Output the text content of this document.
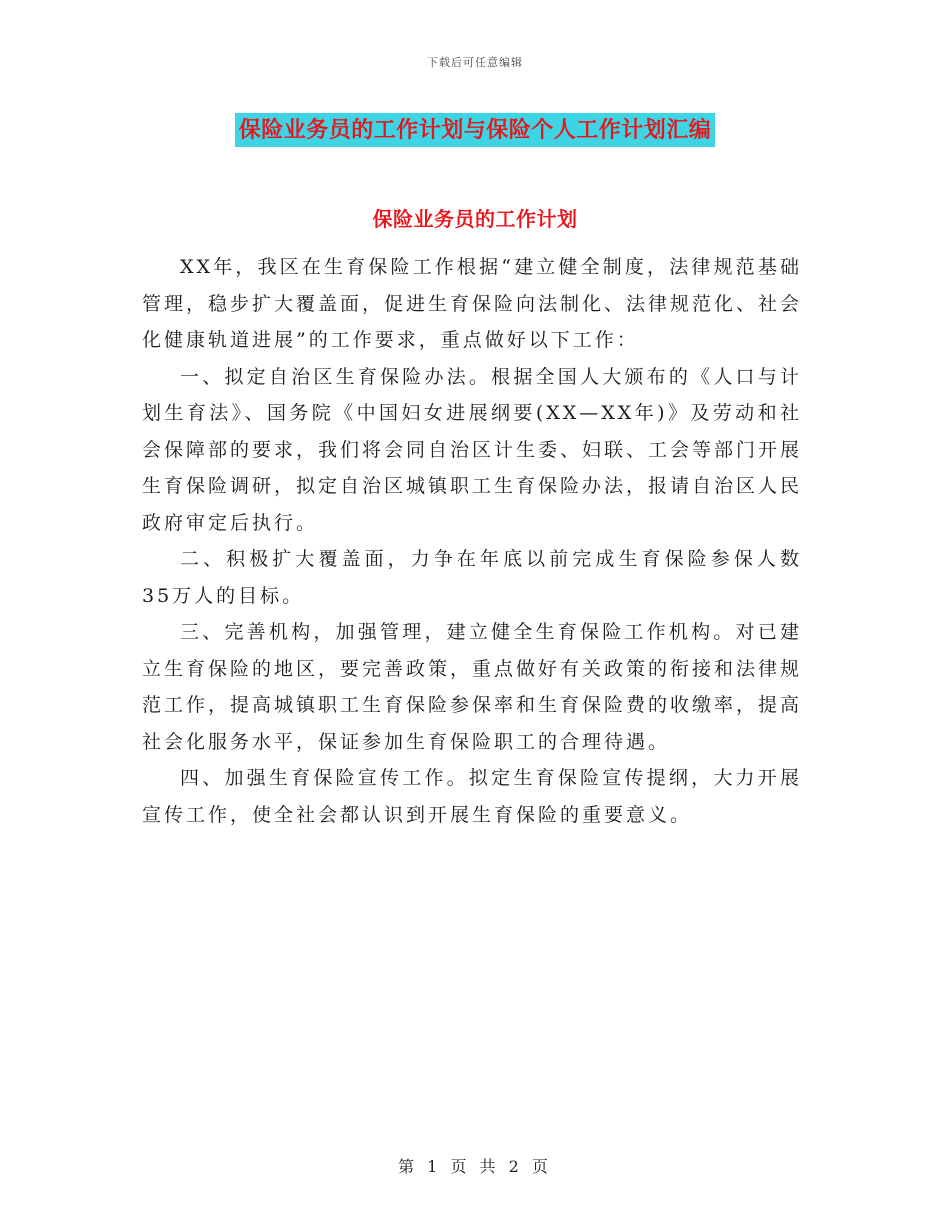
下载后可任意编辑
保险业务员的工作计划与保险个人工作计划汇编
保险业务员的工作计划

XX年，我区在生育保险工作根据“建立健全制度，法律规范基础管理，稳步扩大覆盖面，促进生育保险向法制化、法律规范化、社会化健康轨道进展”的工作要求，重点做好以下工作：

一、拟定自治区生育保险办法。根据全国人大颁布的《人口与计划生育法》、国务院《中国妇女进展纲要(XX—XX年)》及劳动和社会保障部的要求，我们将会同自治区计生委、妇联、工会等部门开展生育保险调研，拟定自治区城镇职工生育保险办法，报请自治区人民政府审定后执行。

二、积极扩大覆盖面，力争在年底以前完成生育保险参保人数35万人的目标。

三、完善机构，加强管理，建立健全生育保险工作机构。对已建立生育保险的地区，要完善政策，重点做好有关政策的衔接和法律规范工作，提高城镇职工生育保险参保率和生育保险费的收缴率，提高社会化服务水平，保证参加生育保险职工的合理待遇。

四、加强生育保险宣传工作。拟定生育保险宣传提纲，大力开展宣传工作，使全社会都认识到开展生育保险的重要意义。

第 1 页 共 2 页
